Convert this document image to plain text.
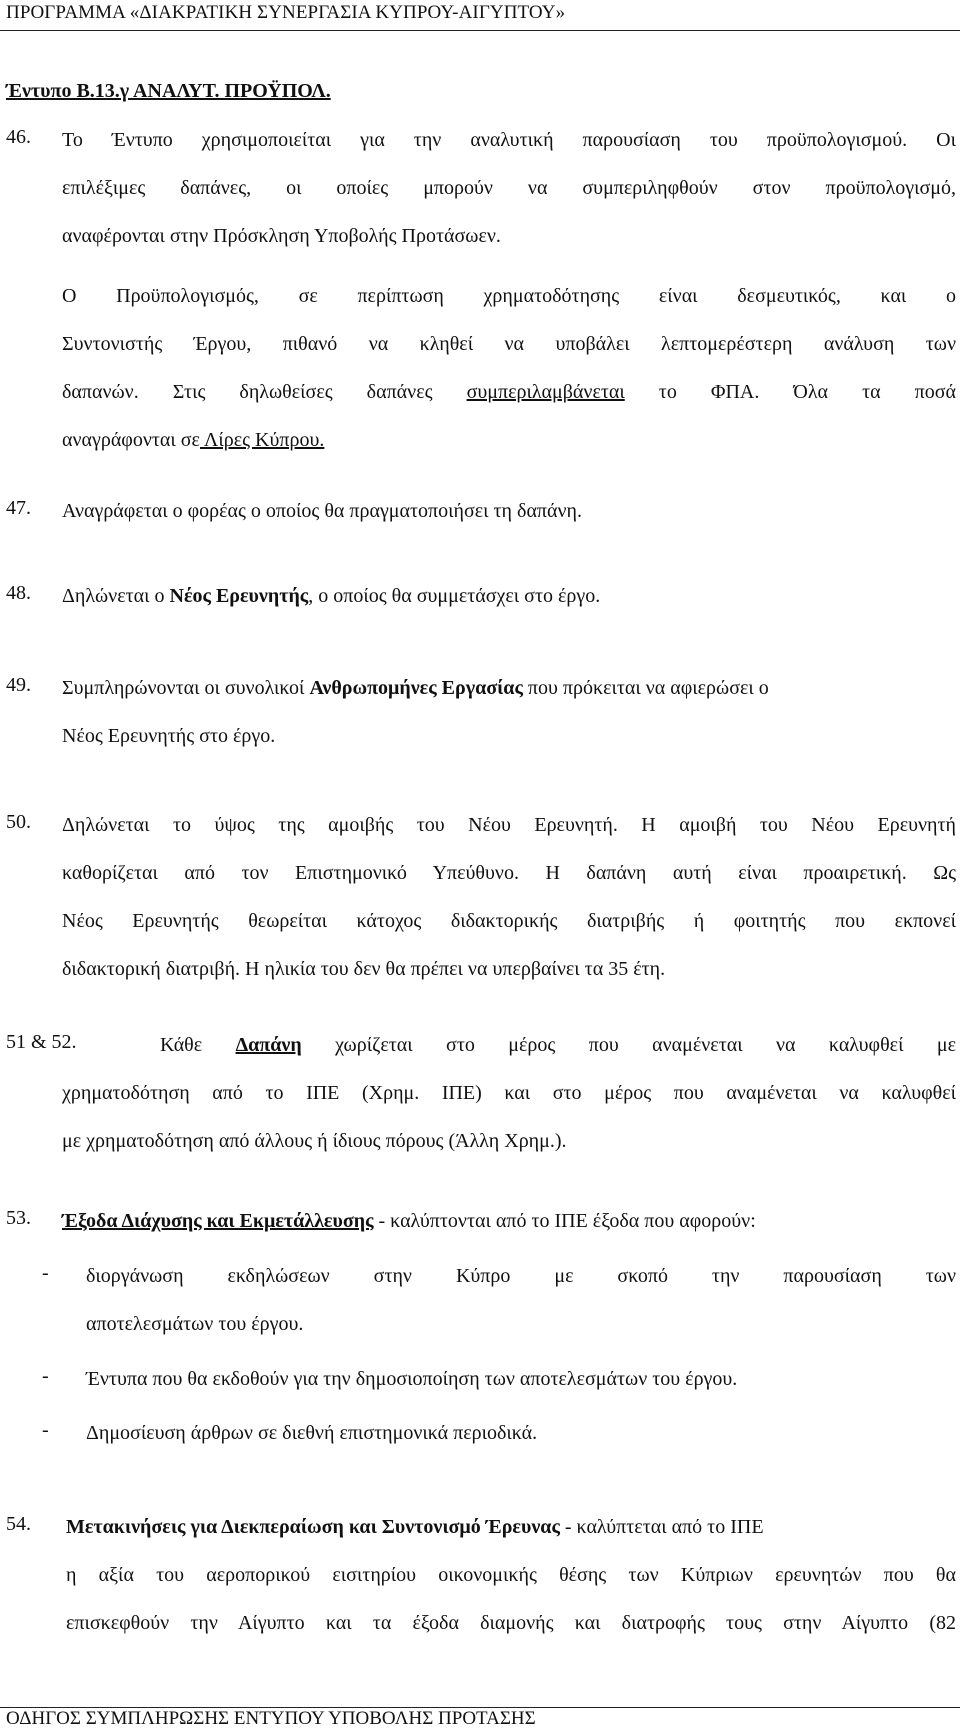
ΠΡΟΓΡΑΜΜΑ «ΔΙΑΚΡΑΤΙΚΗ ΣΥΝΕΡΓΑΣΙΑ ΚΥΠΡΟΥ-ΑΙΓΥΠΤΟΥ»
Έντυπο Β.13.γ ΑΝΑΛΥΤ. ΠΡΟΫΠΟΛ.
46. Το Έντυπο χρησιμοποιείται για την αναλυτική παρουσίαση του προϋπολογισμού. Οι
επιλέξιμες δαπάνες, οι οποίες μπορούν να συμπεριληφθούν στον προϋπολογισμό,
αναφέρονται στην Πρόσκληση Υποβολής Προτάσωεν.
Ο Προϋπολογισμός, σε περίπτωση χρηματοδότησης είναι δεσμευτικός, και ο
Συντονιστής Έργου, πιθανό να κληθεί να υποβάλει λεπτομερέστερη ανάλυση των
δαπανών. Στις δηλωθείσες δαπάνες συμπεριλαμβάνεται το ΦΠΑ. Όλα τα ποσά
αναγράφονται σε Λίρες Κύπρου.
47. Αναγράφεται ο φορέας ο οποίος θα πραγματοποιήσει τη δαπάνη.
48. Δηλώνεται ο Νέος Ερευνητής, ο οποίος θα συμμετάσχει στο έργο.
49. Συμπληρώνονται οι συνολικοί Ανθρωπομήνες Εργασίας που πρόκειται να αφιερώσει ο
Νέος Ερευνητής στο έργο.
50. Δηλώνεται το ύψος της αμοιβής του Νέου Ερευνητή. Η αμοιβή του Νέου Ερευνητή
καθορίζεται από τον Επιστημονικό Υπεύθυνο. Η δαπάνη αυτή είναι προαιρετική. Ως
Νέος Ερευνητής θεωρείται κάτοχος διδακτορικής διατριβής ή φοιτητής που εκπονεί
διδακτορική διατριβή. Η ηλικία του δεν θα πρέπει να υπερβαίνει τα 35 έτη.
51 & 52.	Κάθε Δαπάνη χωρίζεται στο μέρος που αναμένεται να καλυφθεί με
χρηματοδότηση από το ΙΠΕ (Χρημ. ΙΠΕ) και στο μέρος που αναμένεται να καλυφθεί
με χρηματοδότηση από άλλους ή ίδιους πόρους (Άλλη Χρημ.).
53. Έξοδα Διάχυσης και Εκμετάλλευσης - καλύπτονται από το ΙΠΕ έξοδα που αφορούν:
- διοργάνωση εκδηλώσεων στην Κύπρο με σκοπό την παρουσίαση των
αποτελεσμάτων του έργου.
- Έντυπα που θα εκδοθούν για την δημοσιοποίηση των αποτελεσμάτων του έργου.
- Δημοσίευση άρθρων σε διεθνή επιστημονικά περιοδικά.
54. Μετακινήσεις για Διεκπεραίωση και Συντονισμό Έρευνας - καλύπτεται από το ΙΠΕ
η αξία του αεροπορικού εισιτηρίου οικονομικής θέσης των Κύπριων ερευνητών που θα
επισκεφθούν την Αίγυπτο και τα έξοδα διαμονής και διατροφής τους στην Αίγυπτο (82
ΟΔΗΓΟΣ ΣΥΜΠΛΗΡΩΣΗΣ ΕΝΤΥΠΟΥ ΥΠΟΒΟΛΗΣ ΠΡΟΤΑΣΗΣ
